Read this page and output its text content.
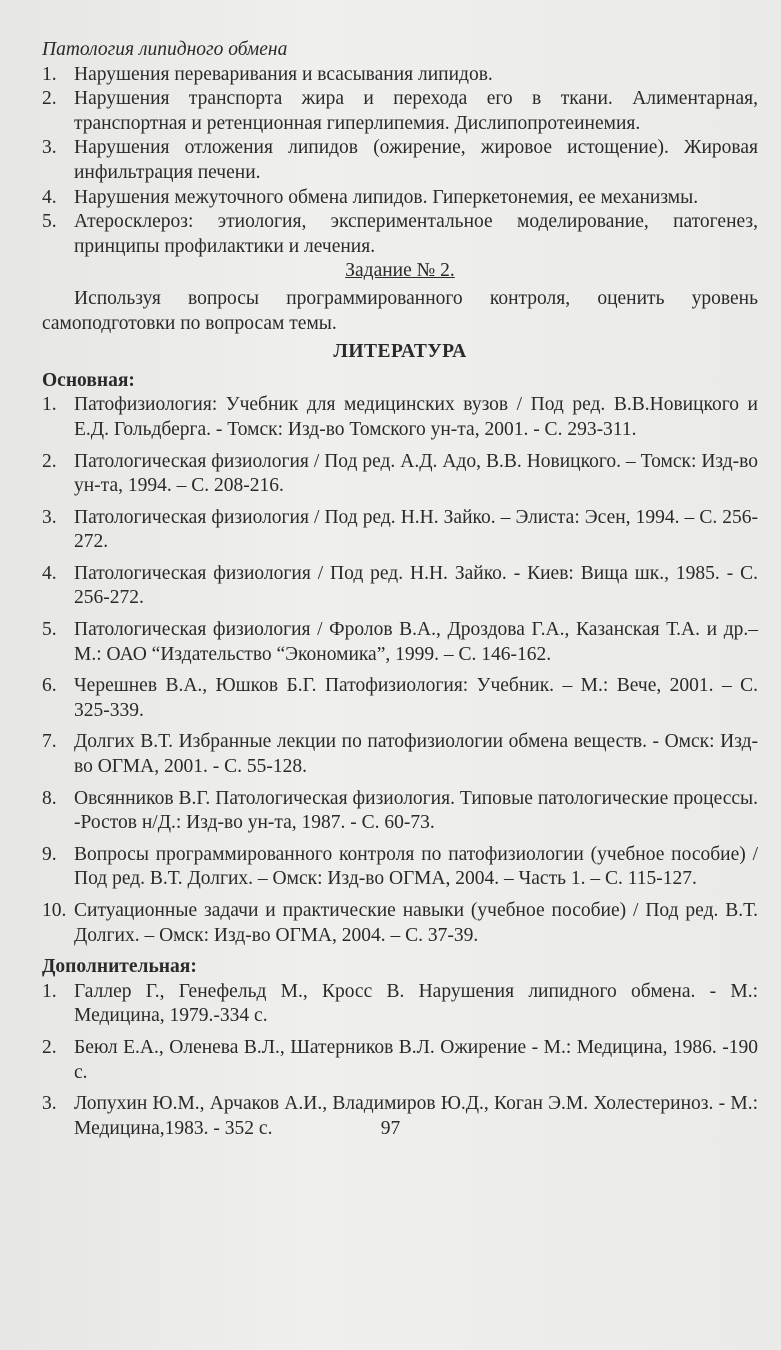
Патология липидного обмена

1. Нарушения переваривания и всасывания липидов.
2. Нарушения транспорта жира и перехода его в ткани. Алиментарная, транспортная и ретенционная гиперлипемия. Дислипопротеинемия.
3. Нарушения отложения липидов (ожирение, жировое истощение). Жировая инфильтрация печени.
4. Нарушения межуточного обмена липидов. Гиперкетонемия, ее механизмы.
5. Атеросклероз: этиология, экспериментальное моделирование, патогенез, принципы профилактики и лечения.

Задание № 2.

Используя вопросы программированного контроля, оценить уровень самоподготовки по вопросам темы.

ЛИТЕРАТУРА

Основная:

1. Патофизиология: Учебник для медицинских вузов / Под ред. В.В.Новицкого и Е.Д. Гольдберга. - Томск: Изд-во Томского ун-та, 2001. - С. 293-311.
2. Патологическая физиология / Под ред. А.Д. Адо, В.В. Новицкого. – Томск: Изд-во ун-та, 1994. – С. 208-216.
3. Патологическая физиология / Под ред. Н.Н. Зайко. – Элиста: Эсен, 1994. – С. 256-272.
4. Патологическая физиология / Под ред. Н.Н. Зайко. - Киев: Вища шк., 1985. - С. 256-272.
5. Патологическая физиология / Фролов В.А., Дроздова Г.А., Казанская Т.А. и др.– М.: ОАО “Издательство “Экономика”, 1999. – С. 146-162.
6. Черешнев В.А., Юшков Б.Г. Патофизиология: Учебник. – М.: Вече, 2001. – С. 325-339.
7. Долгих В.Т. Избранные лекции по патофизиологии обмена веществ. - Омск: Изд-во ОГМА, 2001. - С. 55-128.
8. Овсянников В.Г. Патологическая физиология. Типовые патологические процессы. -Ростов н/Д.: Изд-во ун-та, 1987. - С. 60-73.
9. Вопросы программированного контроля по патофизиологии (учебное пособие) / Под ред. В.Т. Долгих. – Омск: Изд-во ОГМА, 2004. – Часть 1. – С. 115-127.
10. Ситуационные задачи и практические навыки (учебное пособие) / Под ред. В.Т. Долгих. – Омск: Изд-во ОГМА, 2004. – С. 37-39.

Дополнительная:

1. Галлер Г., Генефельд М., Кросс В. Нарушения липидного обмена. - М.: Медицина, 1979.-334 с.
2. Беюл Е.А., Оленева В.Л., Шатерников В.Л. Ожирение - М.: Медицина, 1986. -190 с.
3. Лопухин Ю.М., Арчаков А.И., Владимиров Ю.Д., Коган Э.М. Холестериноз. - М.: Медицина,1983. - 352 с.	97
